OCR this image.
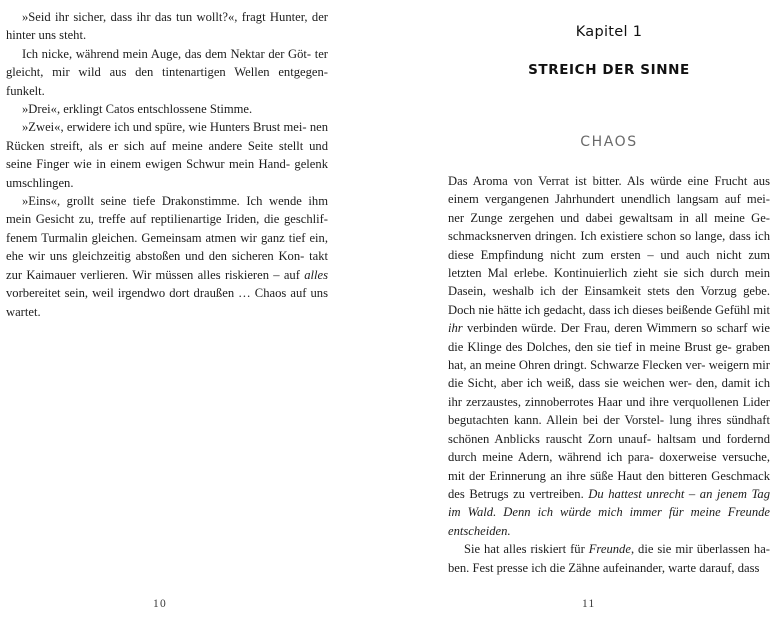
»Seid ihr sicher, dass ihr das tun wollt?«, fragt Hunter, der hinter uns steht.

Ich nicke, während mein Auge, das dem Nektar der Göt- ter gleicht, mir wild aus den tintenartigen Wellen entgegen- funkelt.

»Drei«, erklingt Catos entschlossene Stimme.

»Zwei«, erwidere ich und spüre, wie Hunters Brust mei- nen Rücken streift, als er sich auf meine andere Seite stellt und seine Finger wie in einem ewigen Schwur mein Hand- gelenk umschlingen.

»Eins«, grollt seine tiefe Drakonstimme. Ich wende ihm mein Gesicht zu, treffe auf reptilienartige Iriden, die geschlif- fenem Turmalin gleichen. Gemeinsam atmen wir ganz tief ein, ehe wir uns gleichzeitig abstoßen und den sicheren Kon- takt zur Kaimauer verlieren. Wir müssen alles riskieren – auf alles vorbereitet sein, weil irgendwo dort draußen … Chaos auf uns wartet.

10
Kapitel 1
STREICH DER SINNE
CHAOS

Das Aroma von Verrat ist bitter. Als würde eine Frucht aus einem vergangenen Jahrhundert unendlich langsam auf mei- ner Zunge zergehen und dabei gewaltsam in all meine Ge- schmacksnerven dringen. Ich existiere schon so lange, dass ich diese Empfindung nicht zum ersten – und auch nicht zum letzten Mal erlebe. Kontinuierlich zieht sie sich durch mein Dasein, weshalb ich der Einsamkeit stets den Vorzug gebe. Doch nie hätte ich gedacht, dass ich dieses beißende Gefühl mit ihr verbinden würde. Der Frau, deren Wimmern so scharf wie die Klinge des Dolches, den sie tief in meine Brust ge- graben hat, an meine Ohren dringt. Schwarze Flecken ver- weigern mir die Sicht, aber ich weiß, dass sie weichen wer- den, damit ich ihr zerzaustes, zinnoberrotes Haar und ihre verquollenen Lider begutachten kann. Allein bei der Vorstel- lung ihres sündhaft schönen Anblicks rauscht Zorn unauf- haltsam und fordernd durch meine Adern, während ich para- doxerweise versuche, mit der Erinnerung an ihre süße Haut den bitteren Geschmack des Betrugs zu vertreiben. Du hattest unrecht – an jenem Tag im Wald. Denn ich würde mich immer für meine Freunde entscheiden.

Sie hat alles riskiert für Freunde, die sie mir überlassen ha- ben. Fest presse ich die Zähne aufeinander, warte darauf, dass

11
